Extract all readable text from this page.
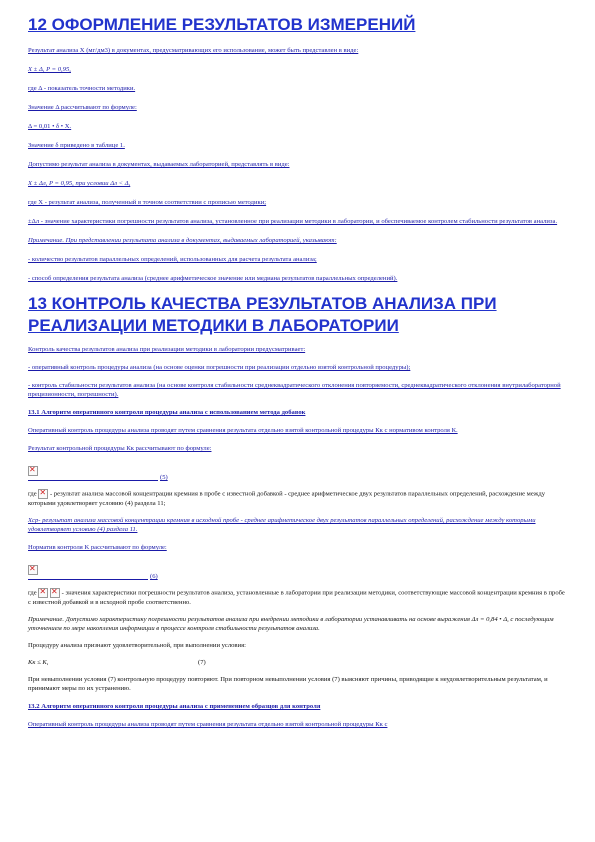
12 ОФОРМЛЕНИЕ РЕЗУЛЬТАТОВ ИЗМЕРЕНИЙ

Результат анализа X (мг/дм3) в документах, предусматривающих его использование, может быть представлен в виде:

X ± Δ, P = 0,95,

где Δ - показатель точности методики.

Значение Δ рассчитывают по формуле:

Δ = 0,01 • δ • X.

Значение δ приведено в таблице 1.

Допустимо результат анализа в документах, выдаваемых лабораторией, представлять в виде:

X ± Δл, P = 0,95, при условии Δл < Δ,

где X - результат анализа, полученный в точном соответствии с прописью методики;

±Δл - значение характеристики погрешности результатов анализа, установленное при реализации методики в лаборатории, и обеспечиваемое контролем стабильности результатов анализа.

Примечание. При представлении результата анализа в документах, выдаваемых лабораторией, указывают:

- количество результатов параллельных определений, использованных для расчета результата анализа;

- способ определения результата анализа (среднее арифметическое значение или медиана результатов параллельных определений).

13 КОНТРОЛЬ КАЧЕСТВА РЕЗУЛЬТАТОВ АНАЛИЗА ПРИ РЕАЛИЗАЦИИ МЕТОДИКИ В ЛАБОРАТОРИИ

Контроль качества результатов анализа при реализации методики в лаборатории предусматривает:

- оперативный контроль процедуры анализа (на основе оценки погрешности при реализации отдельно взятой контрольной процедуры);

- контроль стабильности результатов анализа (на основе контроля стабильности среднеквадратического отклонения повторяемости, среднеквадратического отклонения внутрилабораторной прецизионности, погрешности).

13.1 Алгоритм оперативного контроля процедуры анализа с использованием метода добавок

Оперативный контроль процедуры анализа проводят путем сравнения результата отдельно взятой контрольной процедуры Кк с нормативом контроля К.

Результат контрольной процедуры Кк рассчитывают по формуле:

✕
(5)

где ✕ - результат анализа массовой концентрации кремния в пробе с известной добавкой - среднее арифметическое двух результатов параллельных определений, расхождение между которыми удовлетворяет условию (4) раздела 11;

Xср- результат анализа массовой концентрации кремния в исходной пробе - среднее арифметическое двух результатов параллельных определений, расхождение между которыми удовлетворяет условию (4) раздела 11.

Норматив контроля K рассчитывают по формуле:

✕
(6)

где ✕ ✕	- значения характеристики погрешности результатов анализа, установленные в лаборатории при реализации методики, соответствующие массовой концентрации кремния в пробе с известной добавкой и в исходной пробе соответственно.

Примечание. Допустимо характеристику погрешности результатов анализа при внедрении методики в лаборатории устанавливать на основе выражения Δл = 0,84 • Δ, с последующим уточнением по мере накопления информации в процессе контроля стабильности результатов анализа.

Процедуру анализа признают удовлетворительной, при выполнении условия:

Кк ≤ К,	(7)

При невыполнении условия (7) контрольную процедуру повторяют. При повторном невыполнении условия (7) выясняют причины, приводящие к неудовлетворительным результатам, и принимают меры по их устранению.

13.2 Алгоритм оперативного контроля процедуры анализа с применением образцов для контроля

Оперативный контроль процедуры анализа проводят путем сравнения результата отдельно взятой контрольной процедуры Кк с
